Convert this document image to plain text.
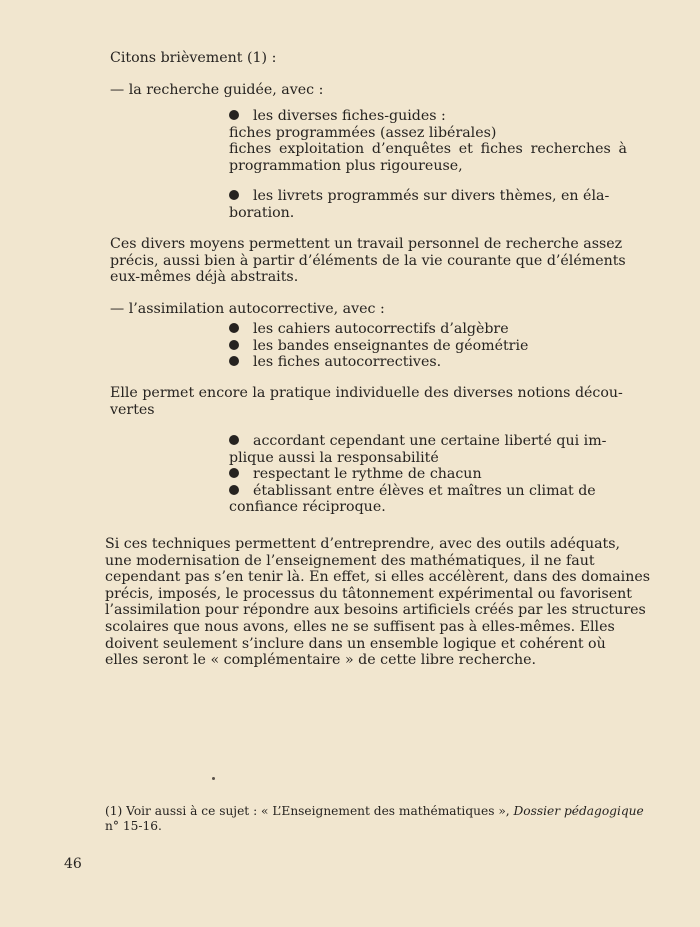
Citons brièvement (1) :
— la recherche guidée, avec :
les diverses fiches-guides :
fiches programmées (assez libérales)
fiches exploitation d’enquêtes et fiches recherches à
programmation plus rigoureuse,
les livrets programmés sur divers thèmes, en éla-
boration.
Ces divers moyens permettent un travail personnel de recherche assez
précis, aussi bien à partir d’éléments de la vie courante que d’éléments
eux-mêmes déjà abstraits.
— l’assimilation autocorrective, avec :
les cahiers autocorrectifs d’algèbre
les bandes enseignantes de géométrie
les fiches autocorrectives.
Elle permet encore la pratique individuelle des diverses notions décou-
vertes
accordant cependant une certaine liberté qui im-
plique aussi la responsabilité
respectant le rythme de chacun
établissant entre élèves et maîtres un climat de
confiance réciproque.
Si ces techniques permettent d’entreprendre, avec des outils adéquats,
une modernisation de l’enseignement des mathématiques, il ne faut
cependant pas s’en tenir là. En effet, si elles accélèrent, dans des domaines
précis, imposés, le processus du tâtonnement expérimental ou favorisent
l’assimilation pour répondre aux besoins artificiels créés par les structures
scolaires que nous avons, elles ne se suffisent pas à elles-mêmes. Elles
doivent seulement s’inclure dans un ensemble logique et cohérent où
elles seront le « complémentaire » de cette libre recherche.
(1) Voir aussi à ce sujet : « L’Enseignement des mathématiques », Dossier pédagogique
n° 15-16.
46
